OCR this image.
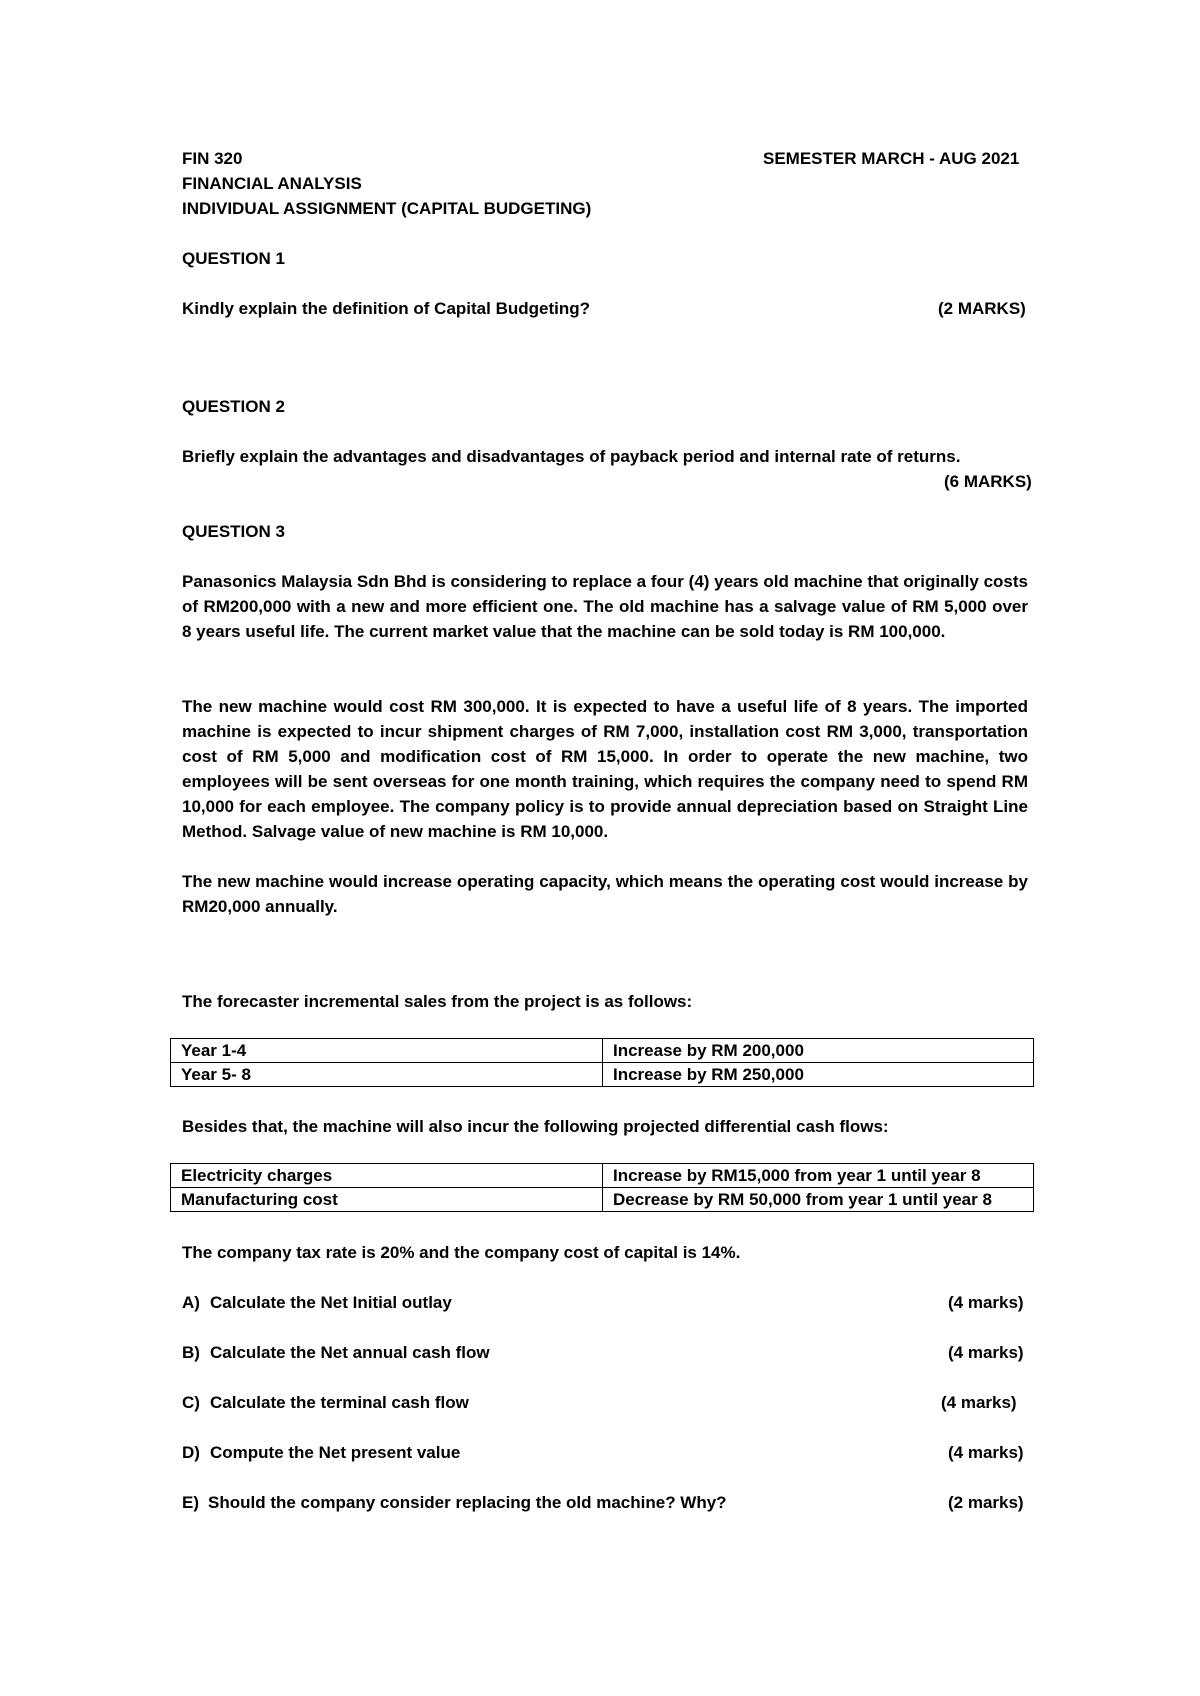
FIN 320	SEMESTER MARCH - AUG 2021
FINANCIAL ANALYSIS
INDIVIDUAL ASSIGNMENT (CAPITAL BUDGETING)
QUESTION 1
Kindly explain the definition of Capital Budgeting?	(2 MARKS)
QUESTION 2
Briefly explain the advantages and disadvantages of payback period and internal rate of returns.
(6 MARKS)
QUESTION 3
Panasonics Malaysia Sdn Bhd is considering to replace a four (4) years old machine that originally costs of RM200,000 with a new and more efficient one. The old machine has a salvage value of RM 5,000 over 8 years useful life. The current market value that the machine can be sold today is RM 100,000.
The new machine would cost RM 300,000. It is expected to have a useful life of 8 years. The imported machine is expected to incur shipment charges of RM 7,000, installation cost RM 3,000, transportation cost of RM 5,000 and modification cost of RM 15,000. In order to operate the new machine, two employees will be sent overseas for one month training, which requires the company need to spend RM 10,000 for each employee. The company policy is to provide annual depreciation based on Straight Line Method. Salvage value of new machine is RM 10,000.
The new machine would increase operating capacity, which means the operating cost would increase by RM20,000 annually.
The forecaster incremental sales from the project is as follows:
Year 1-4	Increase by RM 200,000
Year 5- 8	Increase by RM 250,000
Besides that, the machine will also incur the following projected differential cash flows:
Electricity charges	Increase by RM15,000 from year 1 until year 8
Manufacturing cost	Decrease by RM 50,000 from year 1 until year 8
The company tax rate is 20% and the company cost of capital is 14%.
A) Calculate the Net Initial outlay	(4 marks)
B) Calculate the Net annual cash flow	(4 marks)
C) Calculate the terminal cash flow	(4 marks)
D) Compute the Net present value	(4 marks)
E) Should the company consider replacing the old machine? Why?	(2 marks)
